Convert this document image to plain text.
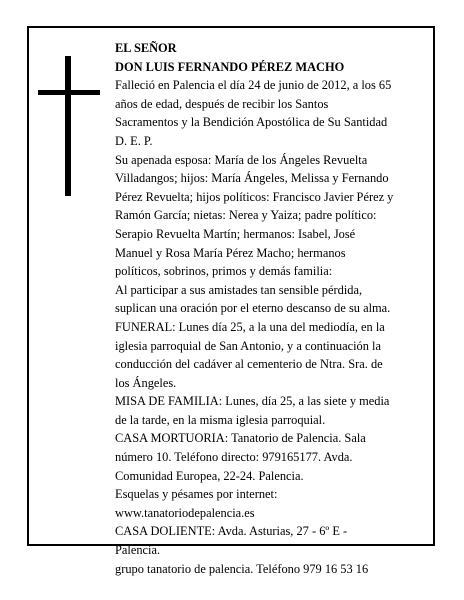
EL SEÑOR
DON LUIS FERNANDO PÉREZ MACHO
Falleció en Palencia el día 24 de junio de 2012, a los 65
años de edad, después de recibir los Santos
Sacramentos y la Bendición Apostólica de Su Santidad
D. E. P.
Su apenada esposa: María de los Ángeles Revuelta
Villadangos; hijos: María Ángeles, Melissa y Fernando
Pérez Revuelta; hijos políticos: Francisco Javier Pérez y
Ramón García; nietas: Nerea y Yaiza; padre político:
Serapio Revuelta Martín; hermanos: Isabel, José
Manuel y Rosa María Pérez Macho; hermanos
políticos, sobrinos, primos y demás familia:
Al participar a sus amistades tan sensible pérdida,
suplican una oración por el eterno descanso de su alma.
FUNERAL: Lunes día 25, a la una del mediodía, en la
iglesia parroquial de San Antonio, y a continuación la
conducción del cadáver al cementerio de Ntra. Sra. de
los Ángeles.
MISA DE FAMILIA: Lunes, día 25, a las siete y media
de la tarde, en la misma iglesia parroquial.
CASA MORTUORIA: Tanatorio de Palencia. Sala
número 10. Teléfono directo: 979165177. Avda.
Comunidad Europea, 22-24. Palencia.
Esquelas y pésames por internet:
www.tanatoriodepalencia.es
CASA DOLIENTE: Avda. Asturias, 27 - 6º E -
Palencia.
grupo tanatorio de palencia. Teléfono 979 16 53 16
